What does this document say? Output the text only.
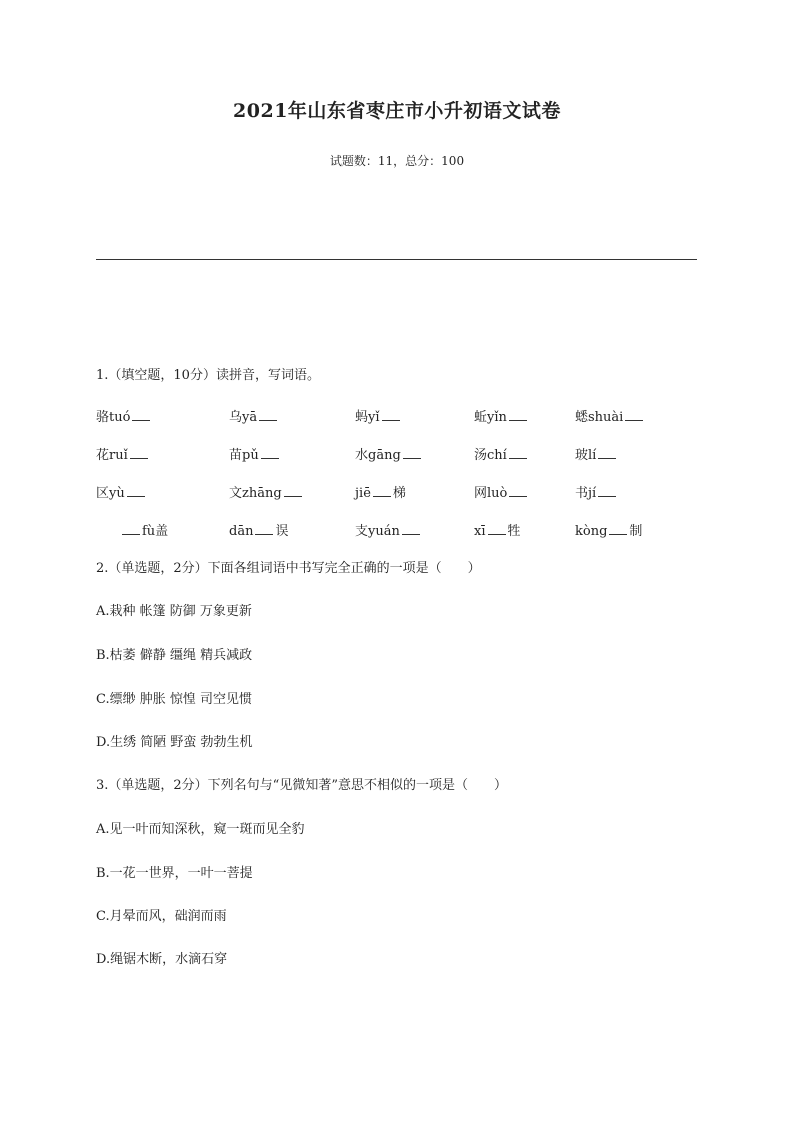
2021年山东省枣庄市小升初语文试卷
试题数：11，总分：100
1.（填空题，10分）读拼音，写词语。
骆tuó	乌yā	蚂yǐ	蚯yǐn	蟋shuài
花ruǐ	苗pǔ	水gāng	汤chí	玻lí
区yù	文zhāng	jiē 梯	网luò	书jí
fù盖	dān 误	支yuán	xī 牲	kòng 制
2.（单选题，2分）下面各组词语中书写完全正确的一项是（　　）
A.栽种 帐篷 防御 万象更新
B.枯萎 僻静 缰绳 精兵减政
C.缥缈 肿胀 惊惶 司空见惯
D.生绣 简陋 野蛮 勃勃生机
3.（单选题，2分）下列名句与“见微知著”意思不相似的一项是（　　）
A.见一叶而知深秋，窥一斑而见全豹
B.一花一世界，一叶一菩提
C.月晕而风，础润而雨
D.绳锯木断，水滴石穿
